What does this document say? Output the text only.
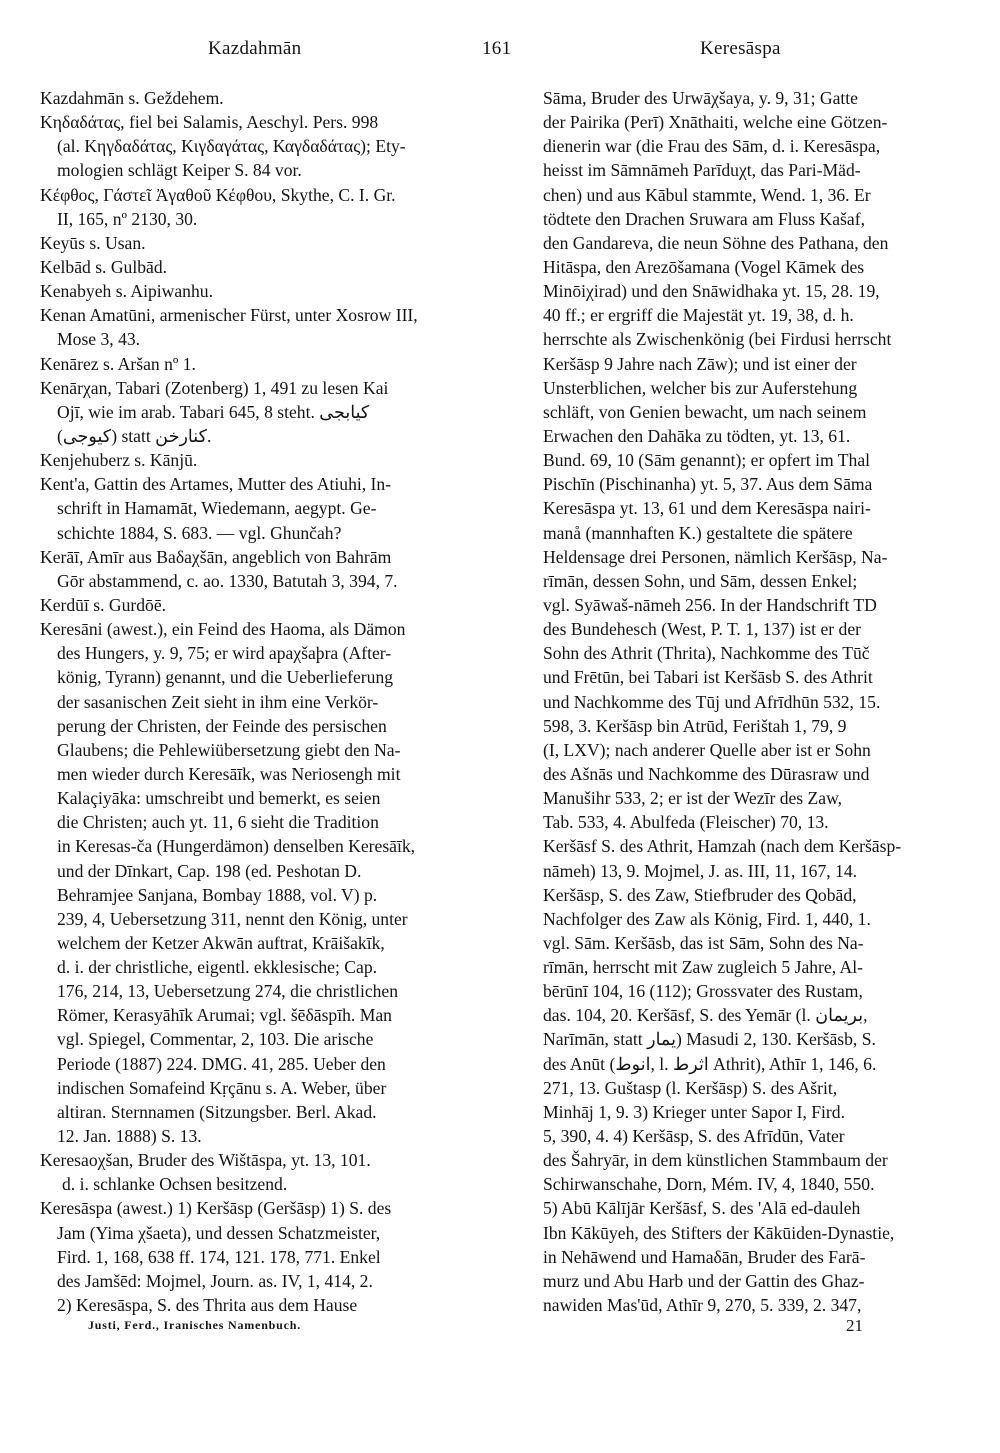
Kazdahmān	161	Keresāspa
Kazdahmān s. Geždehem.
Κηδαδάτας, fiel bei Salamis, Aeschyl. Pers. 998
(al. Κηγδαδάτας, Κιγδαγάτας, Καγδαδάτας); Ety-
mologien schlägt Keiper S. 84 vor.
Κέφθος, Γάστεῖ Ἀγαθοῦ Κέφθου, Skythe, C. I. Gr.
II, 165, nº 2130, 30.
Keyūs s. Usan.
Kelbād s. Gulbād.
Kenabyeh s. Aipiwanhu.
Kenan Amatūni, armenischer Fürst, unter Xosrow III,
Mose 3, 43.
Kenārez s. Aršan nº 1.
Kenārχan, Tabari (Zotenberg) 1, 491 zu lesen Kai
Ojī, wie im arab. Tabari 645, 8 steht. كيابجى
(كيوجى) statt كنارخن.
Kenjehuberz s. Kānjū.
Kent'a, Gattin des Artames, Mutter des Atiuhi, In-
schrift in Hamamāt, Wiedemann, aegypt. Ge-
schichte 1884, S. 683. — vgl. Ghunčah?
Kerāī, Amīr aus Baδaχšān, angeblich von Bahrām
Gōr abstammend, c. ao. 1330, Batutah 3, 394, 7.
Kerdūī s. Gurdōē.
Keresāni (awest.), ein Feind des Haoma, als Dämon
des Hungers, y. 9, 75; er wird apaχšaþra (After-
könig, Tyrann) genannt, und die Ueberlieferung
der sasanischen Zeit sieht in ihm eine Verkör-
perung der Christen, der Feinde des persischen
Glaubens; die Pehlewiübersetzung giebt den Na-
men wieder durch Keresāīk, was Neriosengh mit
Kalaçiyāka: umschreibt und bemerkt, es seien
die Christen; auch yt. 11, 6 sieht die Tradition
in Keresas-ča (Hungerdämon) denselben Keresāīk,
und der Dīnkart, Cap. 198 (ed. Peshotan D.
Behramjee Sanjana, Bombay 1888, vol. V) p.
239, 4, Uebersetzung 311, nennt den König, unter
welchem der Ketzer Akwān auftrat, Krāišakīk,
d. i. der christliche, eigentl. ekklesische; Cap.
176, 214, 13, Uebersetzung 274, die christlichen
Römer, Kerasyāhīk Arumai; vgl. šēδāspīh. Man
vgl. Spiegel, Commentar, 2, 103. Die arische
Periode (1887) 224. DMG. 41, 285. Ueber den
indischen Somafeind Kṛçānu s. A. Weber, über
altiran. Sternnamen (Sitzungsber. Berl. Akad.
12. Jan. 1888) S. 13.
Keresaoχšan, Bruder des Wištāspa, yt. 13, 101.
d. i. schlanke Ochsen besitzend.
Keresāspa (awest.) 1) Keršāsp (Geršāsp) 1) S. des
Jam (Yima χšaeta), und dessen Schatzmeister,
Fird. 1, 168, 638 ff. 174, 121. 178, 771. Enkel
des Jamšēd: Mojmel, Journ. as. IV, 1, 414, 2.
2) Keresāspa, S. des Thrita aus dem Hause
Sāma, Bruder des Urwāχšaya, y. 9, 31; Gatte
der Pairika (Perī) Xnāthaiti, welche eine Götzen-
dienerin war (die Frau des Sām, d. i. Keresāspa,
heisst im Sāmnāmeh Parīduχt, das Pari-Mäd-
chen) und aus Kābul stammte, Wend. 1, 36. Er
tödtete den Drachen Sruwara am Fluss Kašaf,
den Gandareva, die neun Söhne des Pathana, den
Hitāspa, den Arezōšamana (Vogel Kāmek des
Minōiχirad) und den Snāwidhaka yt. 15, 28. 19,
40 ff.; er ergriff die Majestät yt. 19, 38, d. h.
herrschte als Zwischenkönig (bei Firdusi herrscht
Keršāsp 9 Jahre nach Zāw); und ist einer der
Unsterblichen, welcher bis zur Auferstehung
schläft, von Genien bewacht, um nach seinem
Erwachen den Dahāka zu tödten, yt. 13, 61.
Bund. 69, 10 (Sām genannt); er opfert im Thal
Pischīn (Pischinanha) yt. 5, 37. Aus dem Sāma
Keresāspa yt. 13, 61 und dem Keresāspa nairi-
manå (mannhaften K.) gestaltete die spätere
Heldensage drei Personen, nämlich Keršāsp, Na-
rīmān, dessen Sohn, und Sām, dessen Enkel;
vgl. Syāwaš-nāmeh 256. In der Handschrift TD
des Bundehesch (West, P. T. 1, 137) ist er der
Sohn des Athrit (Thrita), Nachkomme des Tūč
und Frētūn, bei Tabari ist Keršāsb S. des Athrit
und Nachkomme des Tūj und Afrīdhūn 532, 15.
598, 3. Keršāsp bin Atrūd, Ferištah 1, 79, 9
(I, LXV); nach anderer Quelle aber ist er Sohn
des Ašnās und Nachkomme des Dūrasraw und
Manušihr 533, 2; er ist der Wezīr des Zaw,
Tab. 533, 4. Abulfeda (Fleischer) 70, 13.
Keršāsf S. des Athrit, Hamzah (nach dem Keršāsp-
nāmeh) 13, 9. Mojmel, J. as. III, 11, 167, 14.
Keršāsp, S. des Zaw, Stiefbruder des Qobād,
Nachfolger des Zaw als König, Fird. 1, 440, 1.
vgl. Sām. Keršāsb, das ist Sām, Sohn des Na-
rīmān, herrscht mit Zaw zugleich 5 Jahre, Al-
bērūnī 104, 16 (112); Grossvater des Rustam,
das. 104, 20. Keršāsf, S. des Yemār (l. بريمان,
Narīmān, statt يمار) Masudi 2, 130. Keršāsb, S.
des Anūt (انوط, l. اثرط Athrit), Athīr 1, 146, 6.
271, 13. Guštasp (l. Keršāsp) S. des Ašrit,
Minhāj 1, 9. 3) Krieger unter Sapor I, Fird.
5, 390, 4. 4) Keršāsp, S. des Afrīdūn, Vater
des Šahryār, in dem künstlichen Stammbaum der
Schirwanschahe, Dorn, Mém. IV, 4, 1840, 550.
5) Abū Kālījār Keršāsf, S. des 'Alā ed-dauleh
Ibn Kākūyeh, des Stifters der Kākūiden-Dynastie,
in Nehāwend und Hamaδān, Bruder des Farā-
murz und Abu Harb und der Gattin des Ghaz-
nawiden Mas'ūd, Athīr 9, 270, 5. 339, 2. 347,
Justi, Ferd., Iranisches Namenbuch.	21
